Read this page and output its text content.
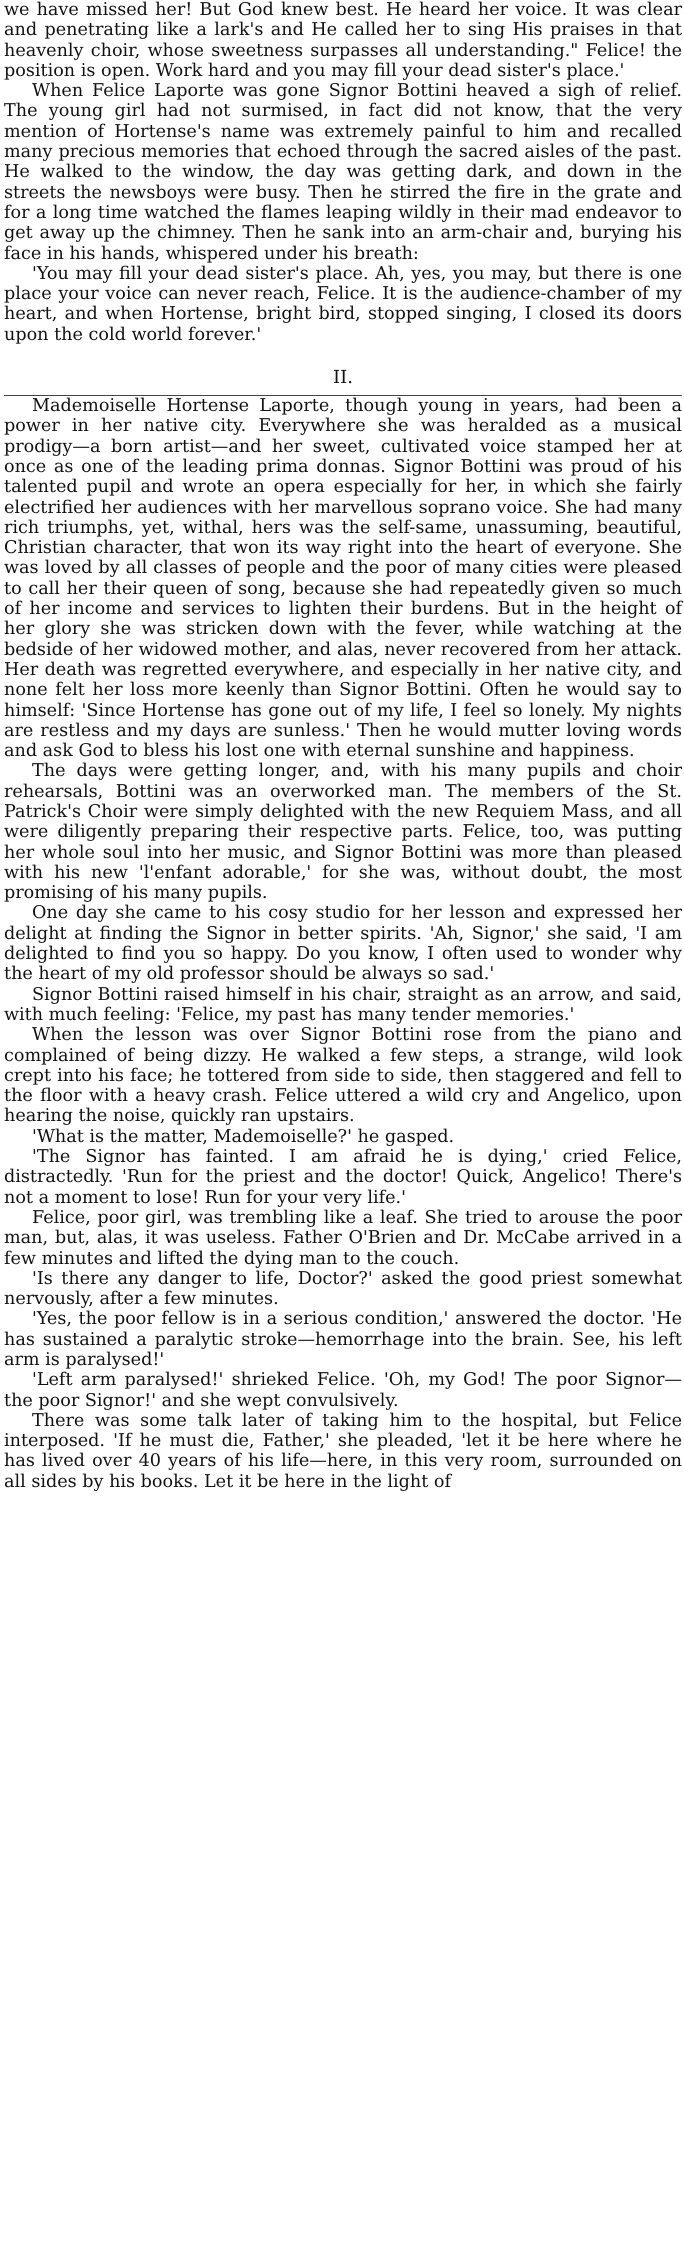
we have missed her! But God knew best. He heard her voice. It was clear and penetrating like a lark's and He called her to sing His praises in that heavenly choir, whose sweetness surpasses all understanding." Felice! the position is open. Work hard and you may fill your dead sister's place.'

When Felice Laporte was gone Signor Bottini heaved a sigh of relief. The young girl had not surmised, in fact did not know, that the very mention of Hortense's name was extremely painful to him and recalled many precious memories that echoed through the sacred aisles of the past. He walked to the window, the day was getting dark, and down in the streets the newsboys were busy. Then he stirred the fire in the grate and for a long time watched the flames leaping wildly in their mad endeavor to get away up the chimney. Then he sank into an arm-chair and, burying his face in his hands, whispered under his breath:

'You may fill your dead sister's place. Ah, yes, you may, but there is one place your voice can never reach, Felice. It is the audience-chamber of my heart, and when Hortense, bright bird, stopped singing, I closed its doors upon the cold world forever.'

II.

Mademoiselle Hortense Laporte, though young in years, had been a power in her native city. Everywhere she was heralded as a musical prodigy—a born artist—and her sweet, cultivated voice stamped her at once as one of the leading prima donnas. Signor Bottini was proud of his talented pupil and wrote an opera especially for her, in which she fairly electrified her audiences with her marvellous soprano voice. She had many rich triumphs, yet, withal, hers was the self-same, unassuming, beautiful, Christian character, that won its way right into the heart of everyone. She was loved by all classes of people and the poor of many cities were pleased to call her their queen of song, because she had repeatedly given so much of her income and services to lighten their burdens. But in the height of her glory she was stricken down with the fever, while watching at the bedside of her widowed mother, and alas, never recovered from her attack. Her death was regretted everywhere, and especially in her native city, and none felt her loss more keenly than Signor Bottini. Often he would say to himself: 'Since Hortense has gone out of my life, I feel so lonely. My nights are restless and my days are sunless.' Then he would mutter loving words and ask God to bless his lost one with eternal sunshine and happiness.

The days were getting longer, and, with his many pupils and choir rehearsals, Bottini was an overworked man. The members of the St. Patrick's Choir were simply delighted with the new Requiem Mass, and all were diligently preparing their respective parts. Felice, too, was putting her whole soul into her music, and Signor Bottini was more than pleased with his new 'l'enfant adorable,' for she was, without doubt, the most promising of his many pupils.

One day she came to his cosy studio for her lesson and expressed her delight at finding the Signor in better spirits. 'Ah, Signor,' she said, 'I am delighted to find you so happy. Do you know, I often used to wonder why the heart of my old professor should be always so sad.'

Signor Bottini raised himself in his chair, straight as an arrow, and said, with much feeling: 'Felice, my past has many tender memories.'

When the lesson was over Signor Bottini rose from the piano and complained of being dizzy. He walked a few steps, a strange, wild look crept into his face; he tottered from side to side, then staggered and fell to the floor with a heavy crash. Felice uttered a wild cry and Angelico, upon hearing the noise, quickly ran upstairs.

'What is the matter, Mademoiselle?' he gasped.

'The Signor has fainted. I am afraid he is dying,' cried Felice, distractedly. 'Run for the priest and the doctor! Quick, Angelico! There's not a moment to lose! Run for your very life.'

Felice, poor girl, was trembling like a leaf. She tried to arouse the poor man, but, alas, it was useless. Father O'Brien and Dr. McCabe arrived in a few minutes and lifted the dying man to the couch.

'Is there any danger to life, Doctor?' asked the good priest somewhat nervously, after a few minutes.

'Yes, the poor fellow is in a serious condition,' answered the doctor. 'He has sustained a paralytic stroke—hemorrhage into the brain. See, his left arm is paralysed!'

'Left arm paralysed!' shrieked Felice. 'Oh, my God! The poor Signor—the poor Signor!' and she wept convulsively.

There was some talk later of taking him to the hospital, but Felice interposed. 'If he must die, Father,' she pleaded, 'let it be here where he has lived over 40 years of his life—here, in this very room, surrounded on all sides by his books. Let it be here in the light of
